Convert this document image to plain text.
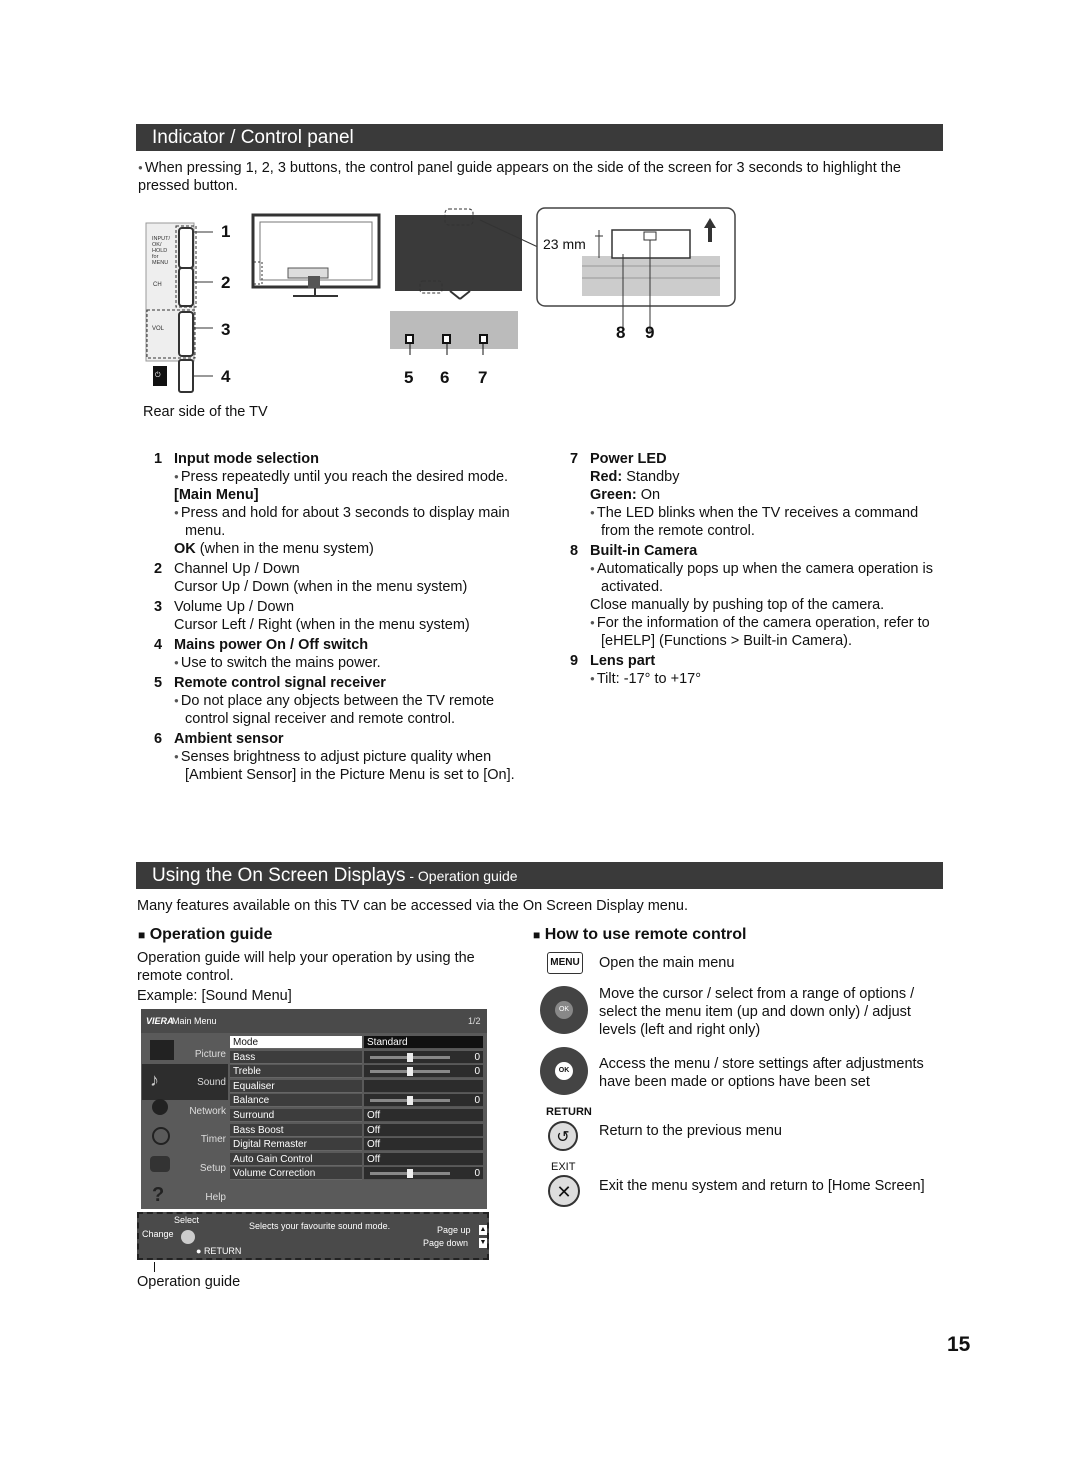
Indicator / Control panel
● When pressing 1, 2, 3 buttons, the control panel guide appears on the side of the screen for 3 seconds to highlight the pressed button.
INPUT/ OK/ HOLD for MENU
CH
VOL
⏻
1
2
3
4
Rear side of the TV
5 6 7
23 mm
8 9
1 Input mode selection
● Press repeatedly until you reach the desired mode.
[Main Menu]
● Press and hold for about 3 seconds to display main menu.
OK (when in the menu system)
2 Channel Up / Down
Cursor Up / Down (when in the menu system)
3 Volume Up / Down
Cursor Left / Right (when in the menu system)
4 Mains power On / Off switch
● Use to switch the mains power.
5 Remote control signal receiver
● Do not place any objects between the TV remote control signal receiver and remote control.
6 Ambient sensor
● Senses brightness to adjust picture quality when [Ambient Sensor] in the Picture Menu is set to [On].
7 Power LED
Red: Standby
Green: On
● The LED blinks when the TV receives a command from the remote control.
8 Built-in Camera
● Automatically pops up when the camera operation is activated.
Close manually by pushing top of the camera.
● For the information of the camera operation, refer to [eHELP] (Functions > Built-in Camera).
9 Lens part
● Tilt: -17° to +17°
Using the On Screen Displays - Operation guide
Many features available on this TV can be accessed via the On Screen Display menu.
■ Operation guide
Operation guide will help your operation by using the remote control.
Example: [Sound Menu]
VIERA
Main Menu	1/2
Picture
Sound
Network
Timer
Setup
Help
♪
?
Mode	Standard
Bass	0
Treble	0
Equaliser
Balance	0
Surround	Off
Bass Boost	Off
Digital Remaster	Off
Auto Gain Control	Off
Volume Correction	0
Select
Change
● RETURN
Selects your favourite sound mode.	Page up
Page down
▲
▼
Operation guide
■ How to use remote control
MENU Open the main menu
OK
Move the cursor / select from a range of options / select the menu item (up and down only) / adjust levels (left and right only)
OK Access the menu / store settings after adjustments have been made or options have been set
RETURN
↺	Return to the previous menu
EXIT
✕	Exit the menu system and return to [Home Screen]
15
